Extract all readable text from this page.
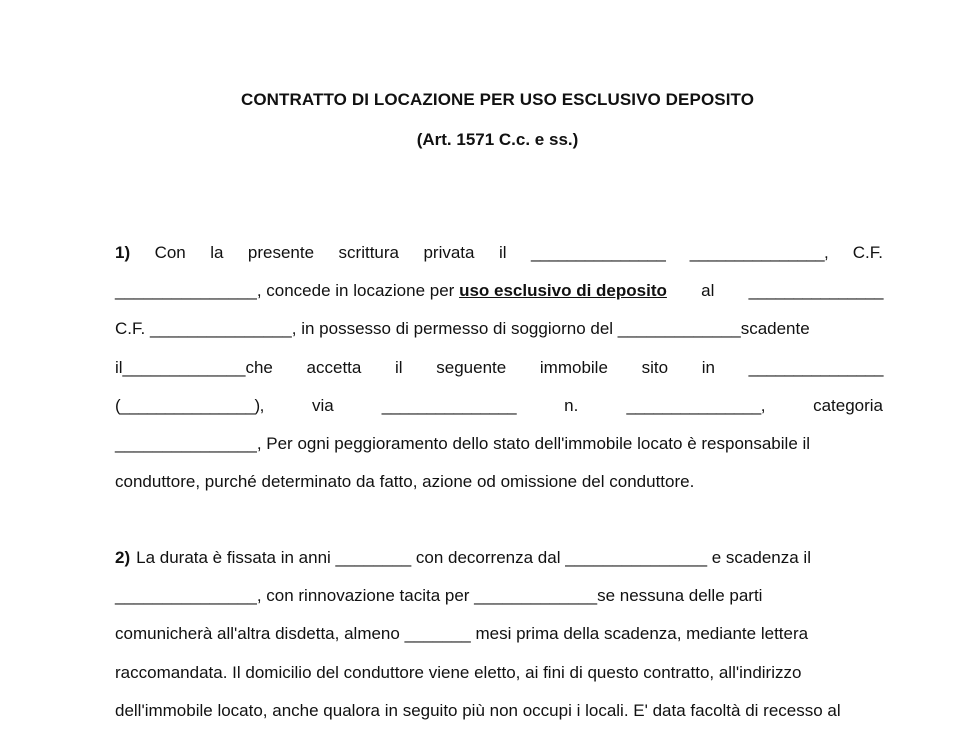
CONTRATTO DI LOCAZIONE PER USO ESCLUSIVO DEPOSITO
(Art. 1571 C.c. e ss.)
1) Con la presente scrittura privata il _______________ _______________, C.F.
_______________, concede in locazione per uso esclusivo di deposito al _______________
C.F. _______________, in possesso di permesso di soggiorno del _____________scadente
il_____________che accetta il seguente immobile sito in _______________
(_______________),	via	_______________	n.	_______________,	categoria
_______________, Per ogni peggioramento dello stato dell'immobile locato è responsabile il
conduttore, purché determinato da fatto, azione od omissione del conduttore.
2) La durata è fissata in anni ________ con decorrenza dal _______________ e scadenza il
_______________, con rinnovazione tacita per _____________se nessuna delle parti
comunicherà all'altra disdetta, almeno _______ mesi prima della scadenza, mediante lettera
raccomandata. Il domicilio del conduttore viene eletto, ai fini di questo contratto, all'indirizzo
dell'immobile locato, anche qualora in seguito più non occupi i locali. E' data facoltà di recesso al
